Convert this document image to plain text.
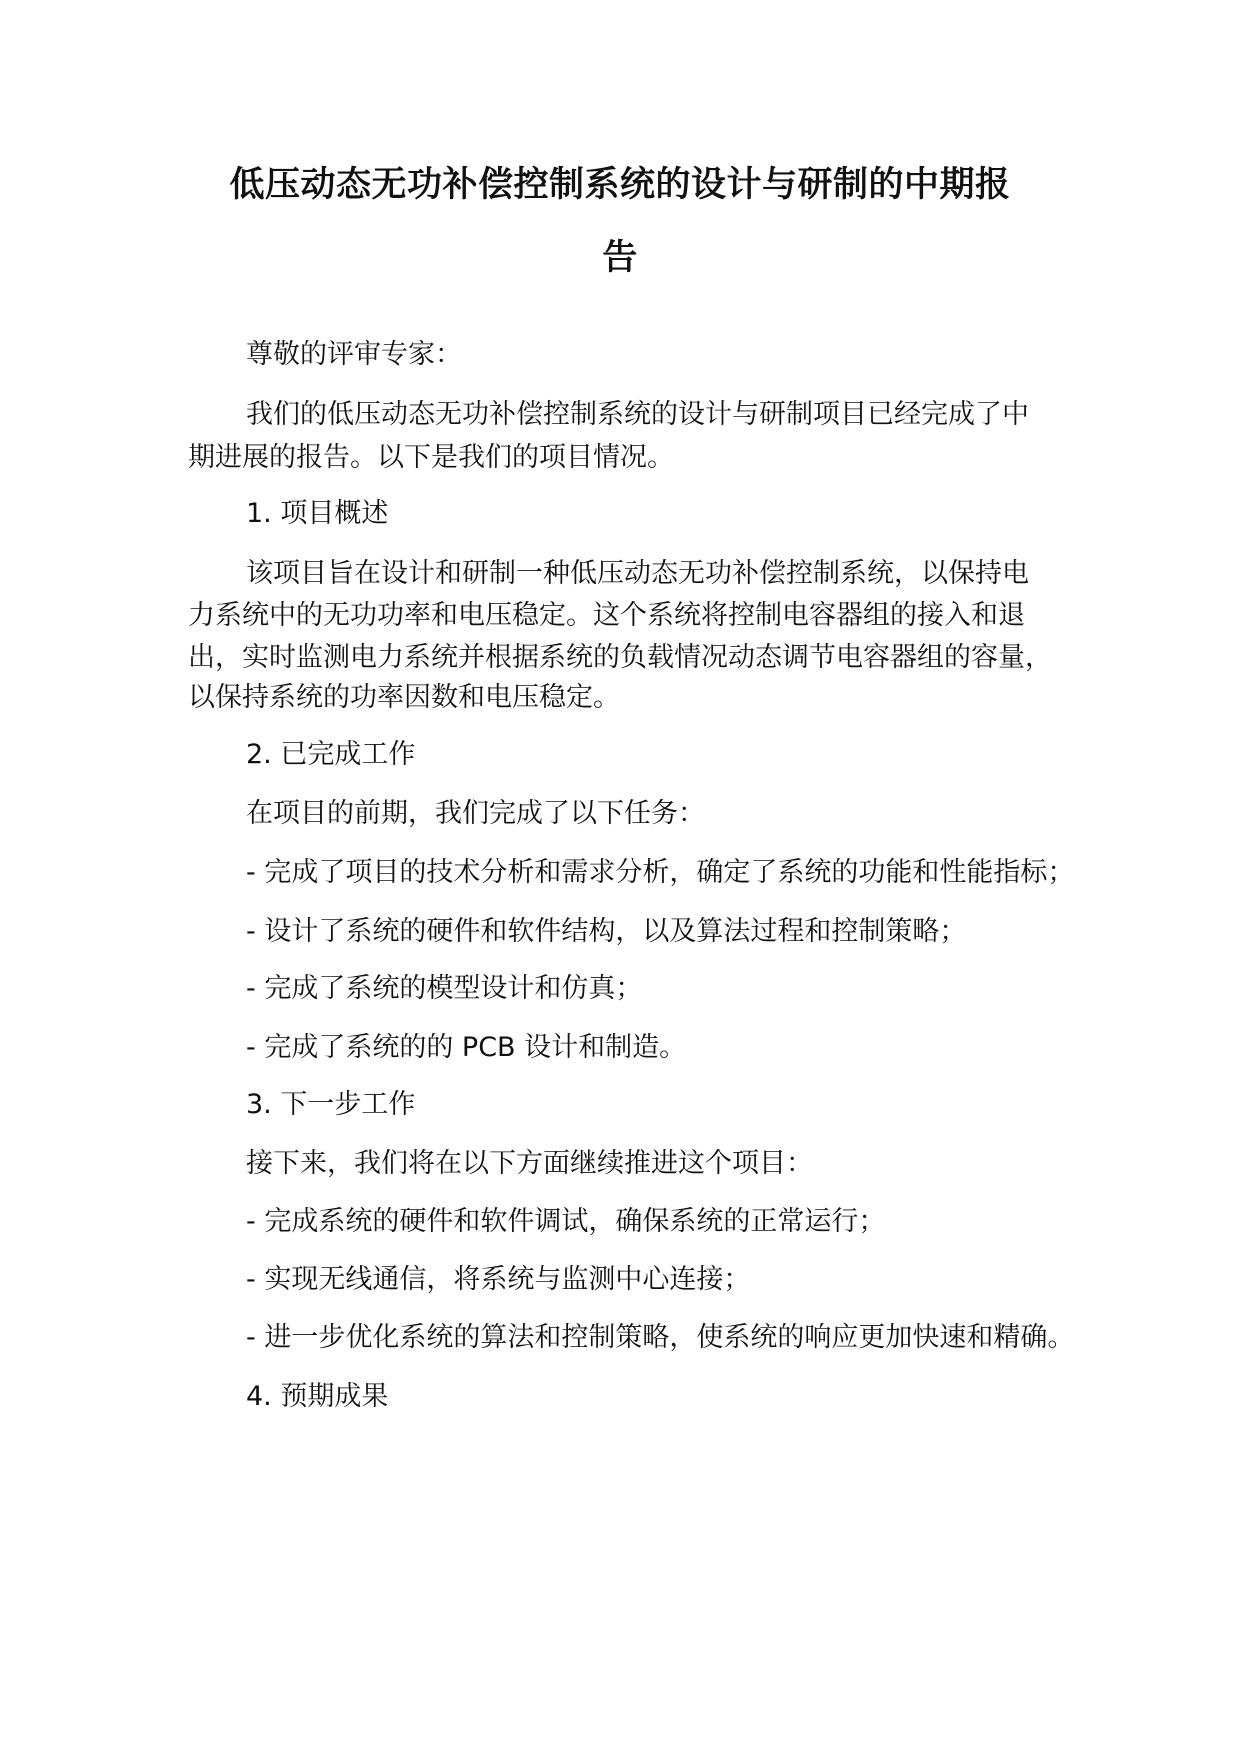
低压动态无功补偿控制系统的设计与研制的中期报
告

尊敬的评审专家：

我们的低压动态无功补偿控制系统的设计与研制项目已经完成了中

期进展的报告。以下是我们的项目情况。

1. 项目概述

该项目旨在设计和研制一种低压动态无功补偿控制系统，以保持电

力系统中的无功功率和电压稳定。这个系统将控制电容器组的接入和退

出，实时监测电力系统并根据系统的负载情况动态调节电容器组的容量，

以保持系统的功率因数和电压稳定。

2. 已完成工作

在项目的前期，我们完成了以下任务：

- 完成了项目的技术分析和需求分析，确定了系统的功能和性能指标；

- 设计了系统的硬件和软件结构，以及算法过程和控制策略；

- 完成了系统的模型设计和仿真；

- 完成了系统的的 PCB 设计和制造。

3. 下一步工作

接下来，我们将在以下方面继续推进这个项目：

- 完成系统的硬件和软件调试，确保系统的正常运行；

- 实现无线通信，将系统与监测中心连接；

- 进一步优化系统的算法和控制策略，使系统的响应更加快速和精确。

4. 预期成果
